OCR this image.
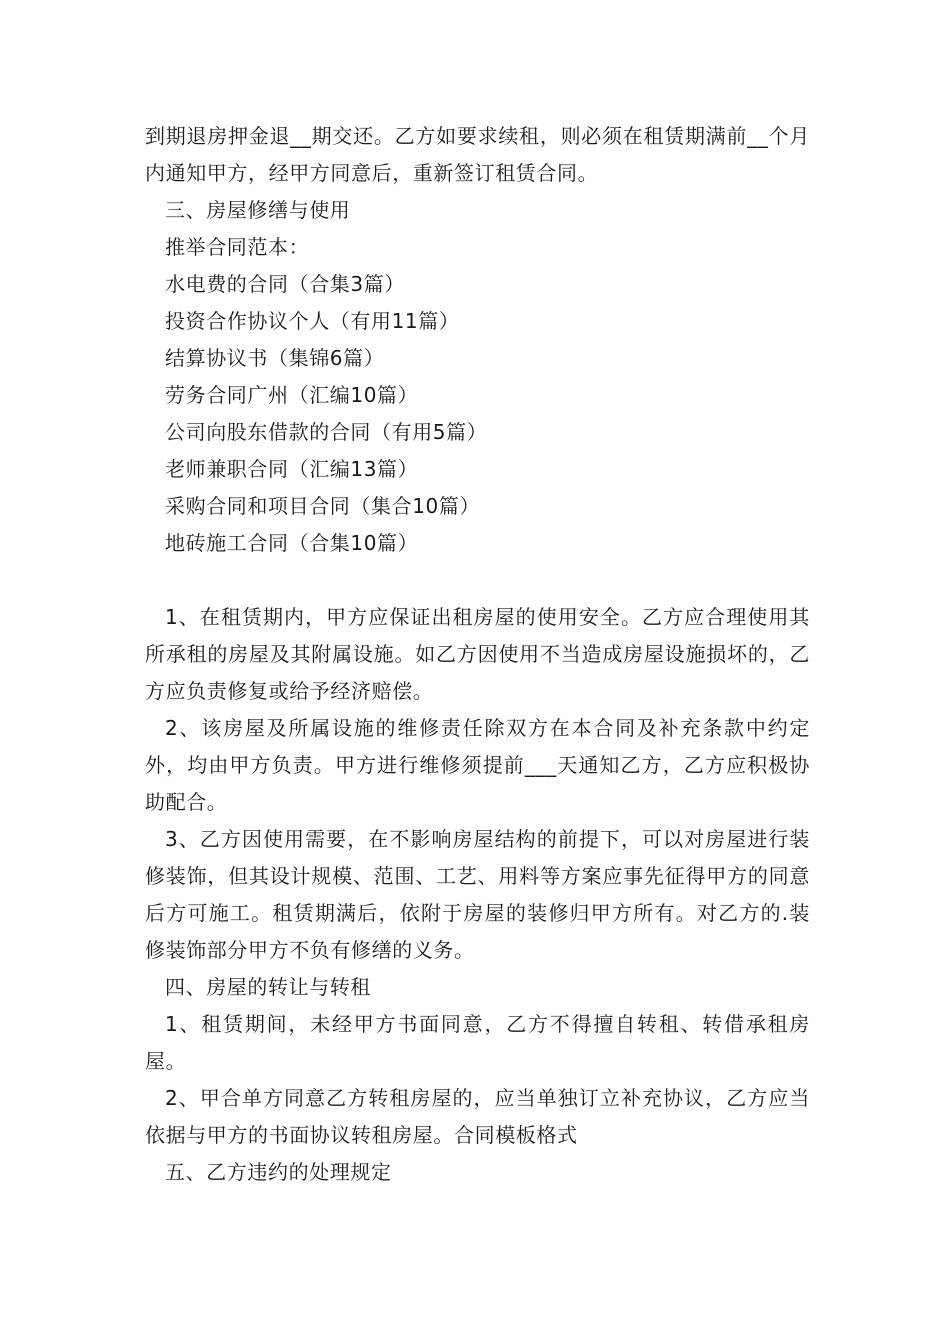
到期退房押金退__期交还。乙方如要求续租，则必须在租赁期满前__个月内通知甲方，经甲方同意后，重新签订租赁合同。

三、房屋修缮与使用

推举合同范本：

水电费的合同（合集3篇）

投资合作协议个人（有用11篇）

结算协议书（集锦6篇）

劳务合同广州（汇编10篇）

公司向股东借款的合同（有用5篇）

老师兼职合同（汇编13篇）

采购合同和项目合同（集合10篇）

地砖施工合同（合集10篇）

1、在租赁期内，甲方应保证出租房屋的使用安全。乙方应合理使用其所承租的房屋及其附属设施。如乙方因使用不当造成房屋设施损坏的，乙方应负责修复或给予经济赔偿。

2、该房屋及所属设施的维修责任除双方在本合同及补充条款中约定外，均由甲方负责。甲方进行维修须提前___天通知乙方，乙方应积极协助配合。

3、乙方因使用需要，在不影响房屋结构的前提下，可以对房屋进行装修装饰，但其设计规模、范围、工艺、用料等方案应事先征得甲方的同意后方可施工。租赁期满后，依附于房屋的装修归甲方所有。对乙方的.装修装饰部分甲方不负有修缮的义务。

四、房屋的转让与转租

1、租赁期间，未经甲方书面同意，乙方不得擅自转租、转借承租房屋。

2、甲合单方同意乙方转租房屋的，应当单独订立补充协议，乙方应当依据与甲方的书面协议转租房屋。合同模板格式

五、乙方违约的处理规定
